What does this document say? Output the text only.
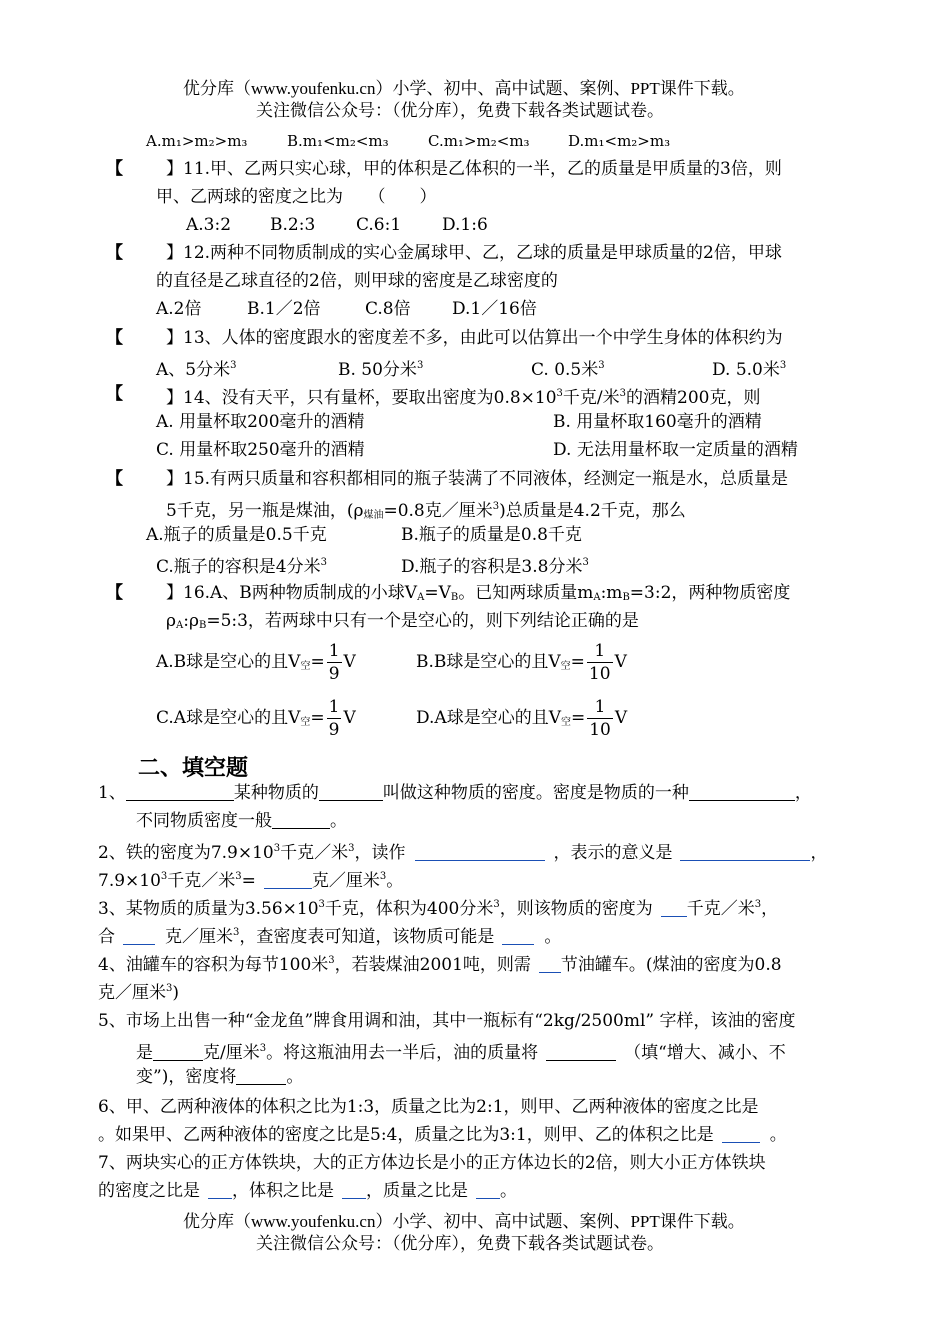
优分库（www.youfenku.cn）小学、初中、高中试题、案例、PPT课件下载。
关注微信公众号：（优分库），免费下载各类试题试卷。
A.m₁>m₂>m₃	B.m₁<m₂<m₃	C.m₁>m₂<m₃	D.m₁<m₂>m₃
【	】11.甲、乙两只实心球，甲的体积是乙体积的一半，乙的质量是甲质量的3倍，则
甲、乙两球的密度之比为　　（　　）
A.3:2 B.2:3 C.6:1 D.1:6
【	】12.两种不同物质制成的实心金属球甲、乙，乙球的质量是甲球质量的2倍，甲球
的直径是乙球直径的2倍，则甲球的密度是乙球密度的
A.2倍	B.1／2倍	C.8倍 D.1／16倍
【	】13、人体的密度跟水的密度差不多，由此可以估算出一个中学生身体的体积约为
A、5分米$^3$	B. 50分米$^3$	C. 0.5米$^3$	D. 5.0米$^3$
【	】14、没有天平，只有量杯，要取出密度为$0.8\times 10^3$千克/米$^3$的酒精200克，则
A. 用量杯取200毫升的酒精	B. 用量杯取160毫升的酒精
C. 用量杯取250毫升的酒精	D. 无法用量杯取一定质量的酒精
【	】15.有两只质量和容积都相同的瓶子装满了不同液体，经测定一瓶是水，总质量是
5千克，另一瓶是煤油，($\rho_{煤油}=0.8$克／厘米$^3$)总质量是4.2千克，那么
A.瓶子的质量是0.5千克	B.瓶子的质量是0.8千克
C.瓶子的容积是4分米$^3$	D.瓶子的容积是3.8分米$^3$
【	】16.A、B两种物质制成的小球$V_A=V_B$。已知两球质量$m_A:m_B=3:2$，两种物质密度
$\rho_A:\rho_B=5:3$，若两球中只有一个是空心的，则下列结论正确的是
A.B球是空心的且$V_空= \frac{1}{9}$ V	B.B球是空心的且$V_空= \frac{1}{10}$ V
C.A球是空心的且$V_空= \frac{1}{9}$ V	D.A球是空心的且$V_空= \frac{1}{10}$ V
二、填空题
1、	某种物质的	叫做这种物质的密度。密度是物质的一种	，
不同物质密度一般	。
2、铁的密度为$7.9\times 10^3$千克／米$^3$，读作	，表示的意义是	，
$7.9\times 10^3$千克／米$^3$=	克／厘米$^3$。
3、某物质的质量为$3.56\times 10^3$千克，体积为400分米$^3$，则该物质的密度为 千克／米$^3$，
合	克／厘米$^3$，查密度表可知道，该物质可能是	。
4、油罐车的容积为每节100米$^3$，若装煤油2001吨，则需 节油罐车。(煤油的密度为0.8
克／厘米$^3$)
5、市场上出售一种“金龙鱼”牌食用调和油，其中一瓶标有“2kg/2500ml” 字样，该油的密度
是	克/厘米$^3$。将这瓶油用去一半后，油的质量将	（填“增大、减小、不
变”)，密度将	。
6、甲、乙两种液体的体积之比为1:3，质量之比为2:1，则甲、乙两种液体的密度之比是
。如果甲、乙两种液体的密度之比是5:4，质量之比为3:1，则甲、乙的体积之比是	。
7、两块实心的正方体铁块，大的正方体边长是小的正方体边长的2倍，则大小正方体铁块
的密度之比是 ，体积之比是 ，质量之比是 。
优分库（www.youfenku.cn）小学、初中、高中试题、案例、PPT课件下载。
关注微信公众号：（优分库），免费下载各类试题试卷。
